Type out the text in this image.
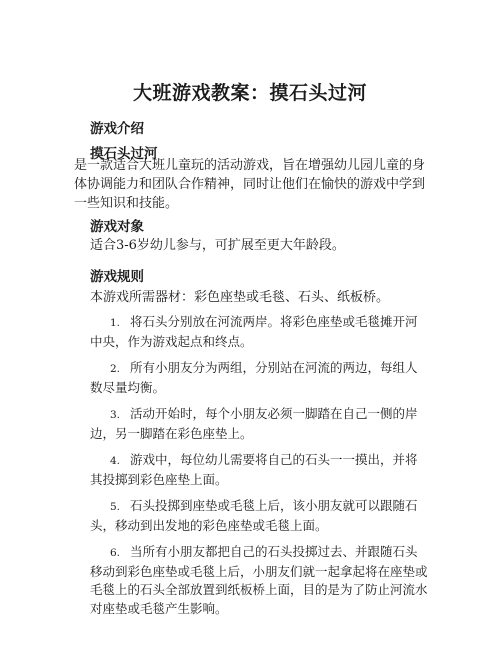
大班游戏教案：摸石头过河
游戏介绍
摸石头过河
是一款适合大班儿童玩的活动游戏，旨在增强幼儿园儿童的身体协调能力和团队合作精神，同时让他们在愉快的游戏中学到一些知识和技能。
游戏对象
适合3-6岁幼儿参与，可扩展至更大年龄段。
游戏规则
本游戏所需器材：彩色座垫或毛毯、石头、纸板桥。
1. 将石头分别放在河流两岸。将彩色座垫或毛毯摊开河中央，作为游戏起点和终点。
2. 所有小朋友分为两组，分别站在河流的两边，每组人数尽量均衡。
3. 活动开始时，每个小朋友必须一脚踏在自己一侧的岸边，另一脚踏在彩色座垫上。
4. 游戏中，每位幼儿需要将自己的石头一一摸出，并将其投掷到彩色座垫上面。
5. 石头投掷到座垫或毛毯上后，该小朋友就可以跟随石头，移动到出发地的彩色座垫或毛毯上面。
6. 当所有小朋友都把自己的石头投掷过去、并跟随石头移动到彩色座垫或毛毯上后，小朋友们就一起拿起将在座垫或毛毯上的石头全部放置到纸板桥上面，目的是为了防止河流水对座垫或毛毯产生影响。
